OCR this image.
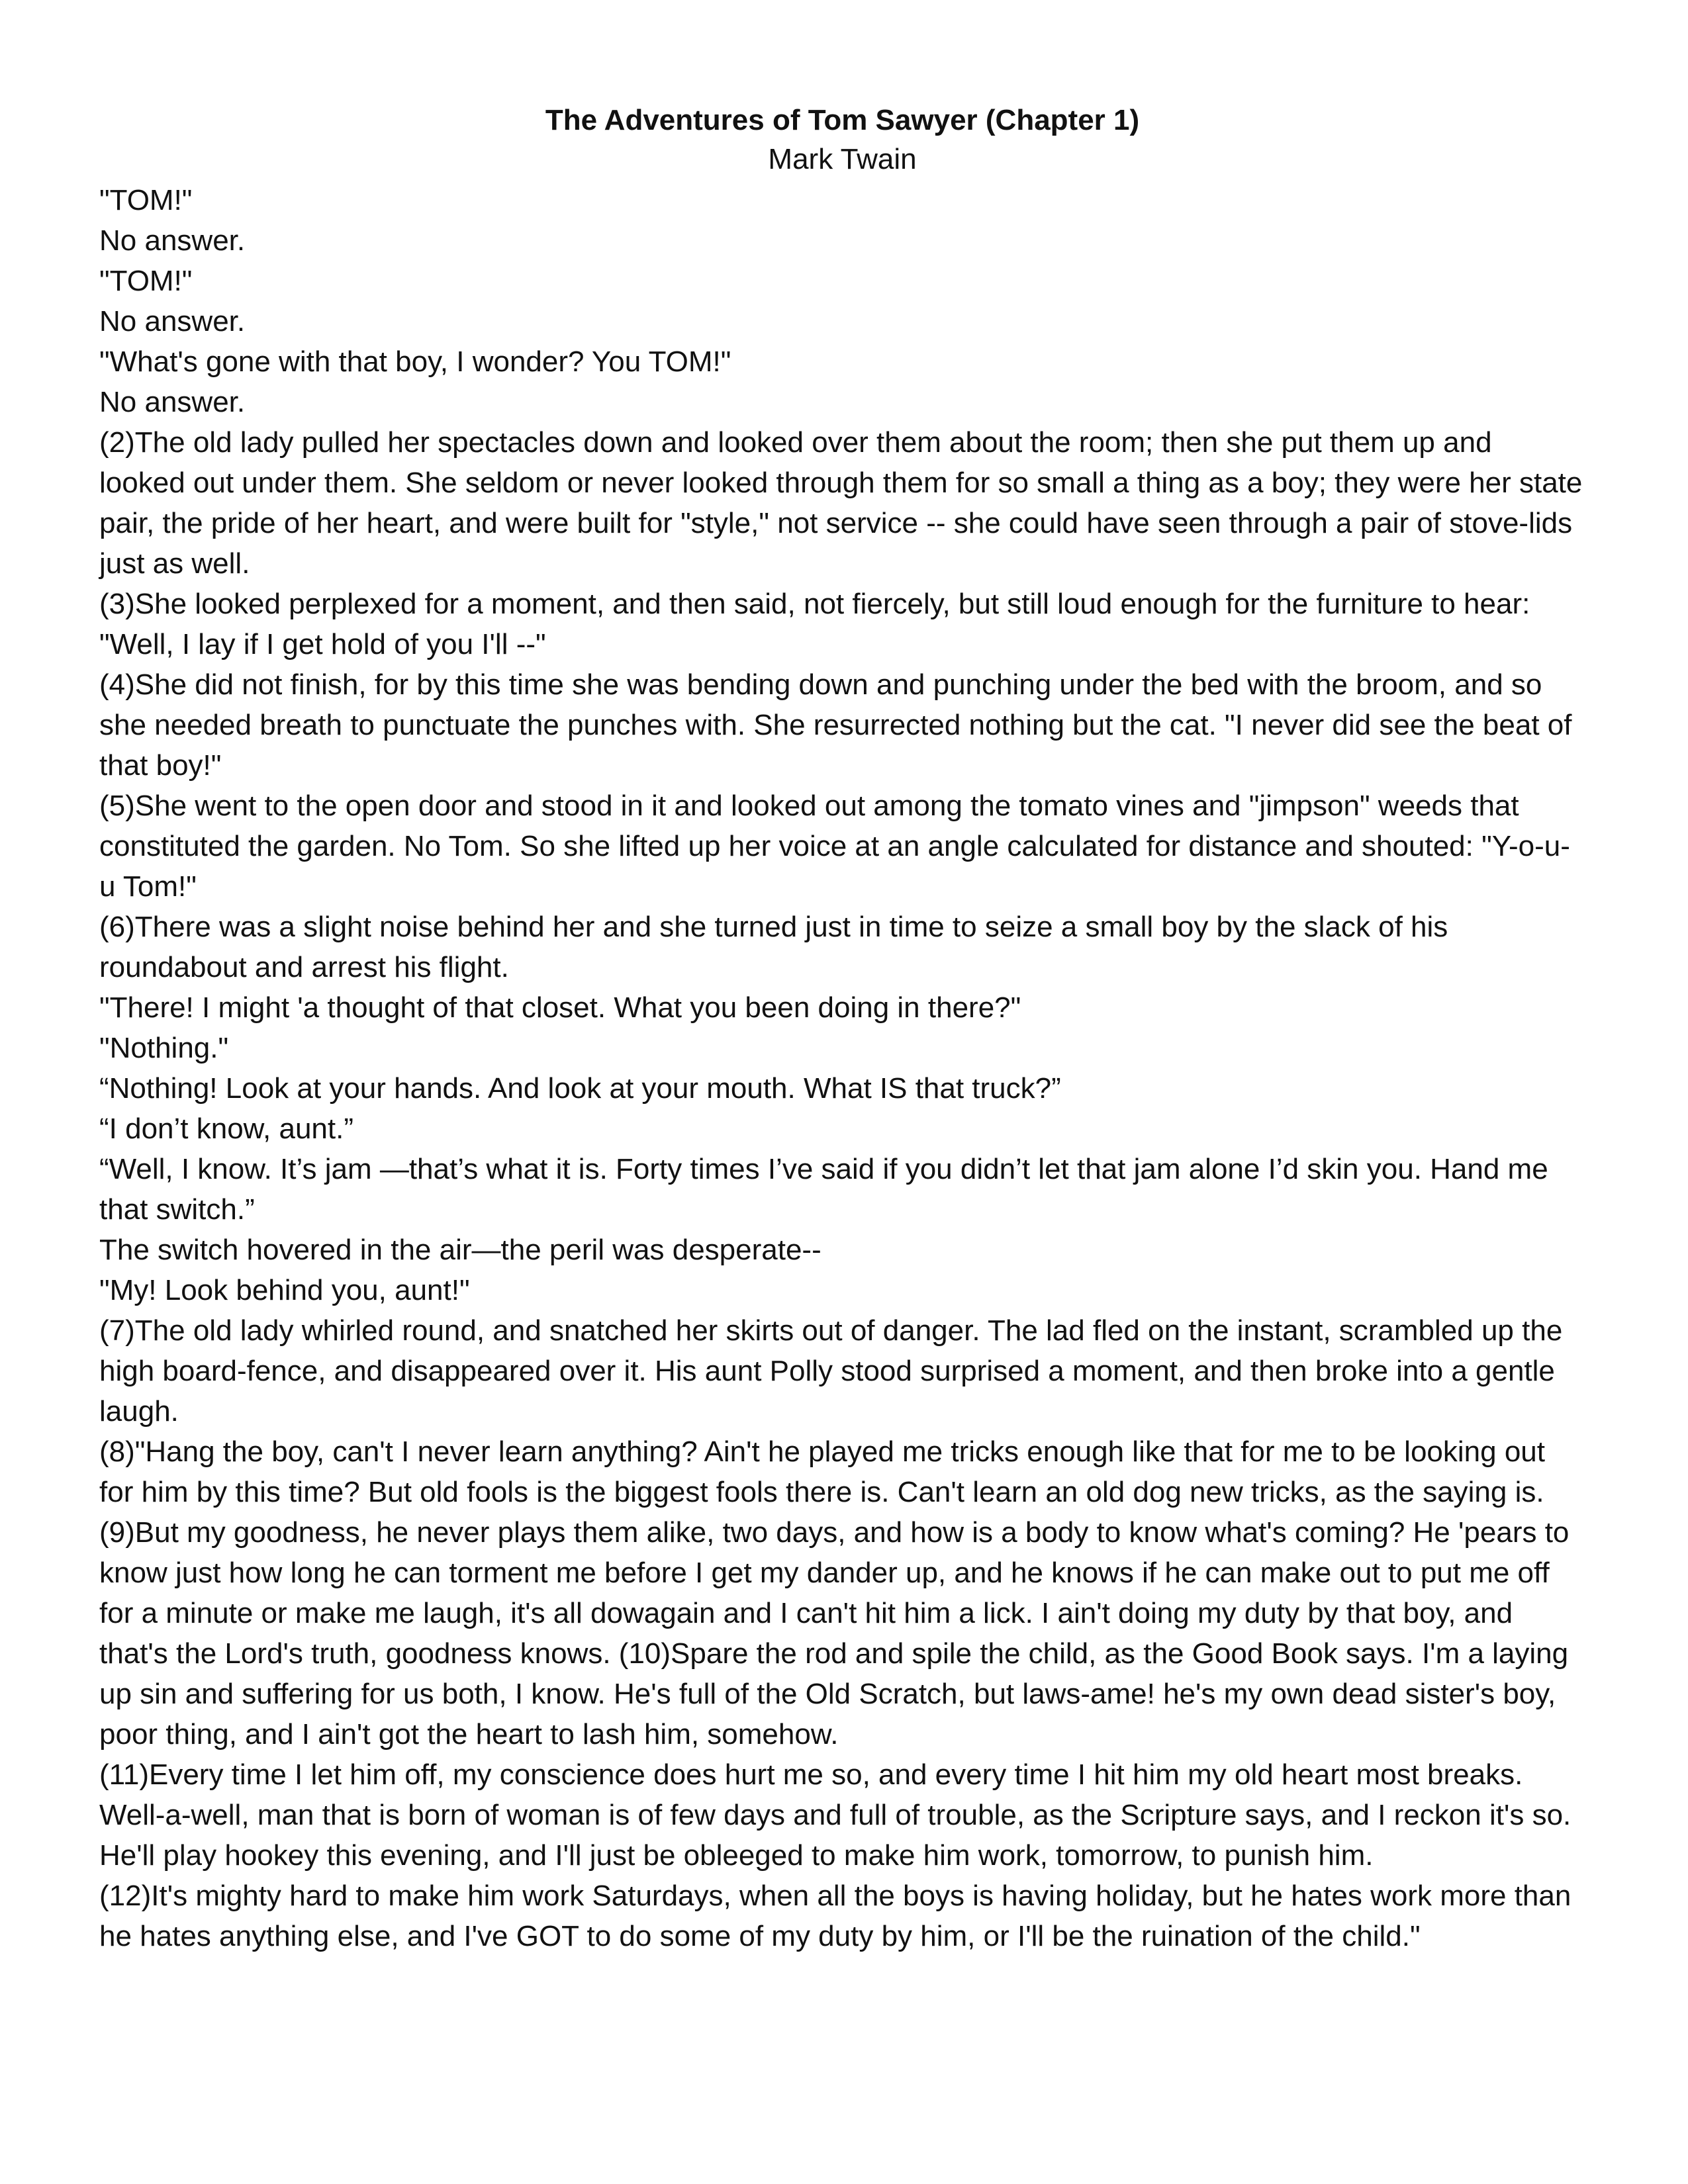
The Adventures of Tom Sawyer (Chapter 1)

Mark Twain

"TOM!"

No answer.

"TOM!"

No answer.

"What's gone with that boy, I wonder? You TOM!"

No answer.

(2)The old lady pulled her spectacles down and looked over them about the room; then she put them up and looked out under them. She seldom or never looked through them for so small a thing as a boy; they were her state pair, the pride of her heart, and were built for "style," not service -- she could have seen through a pair of stove-lids just as well.

(3)She looked perplexed for a moment, and then said, not fiercely, but still loud enough for the furniture to hear: "Well, I lay if I get hold of you I'll --"

(4)She did not finish, for by this time she was bending down and punching under the bed with the broom, and so she needed breath to punctuate the punches with. She resurrected nothing but the cat. "I never did see the beat of that boy!"

(5)She went to the open door and stood in it and looked out among the tomato vines and "jimpson" weeds that constituted the garden. No Tom. So she lifted up her voice at an angle calculated for distance and shouted: "Y-o-u-u Tom!"

(6)There was a slight noise behind her and she turned just in time to seize a small boy by the slack of his roundabout and arrest his flight.

"There! I might 'a thought of that closet. What you been doing in there?"

"Nothing."

“Nothing! Look at your hands. And look at your mouth. What IS that truck?”

“I don’t know, aunt.”

“Well, I know. It’s jam —that’s what it is. Forty times I’ve said if you didn’t let that jam alone I’d skin you. Hand me that switch.”

The switch hovered in the air—the peril was desperate--

"My! Look behind you, aunt!"

(7)The old lady whirled round, and snatched her skirts out of danger. The lad fled on the instant, scrambled up the high board-fence, and disappeared over it. His aunt Polly stood surprised a moment, and then broke into a gentle laugh.

(8)"Hang the boy, can't I never learn anything? Ain't he played me tricks enough like that for me to be looking out for him by this time? But old fools is the biggest fools there is. Can't learn an old dog new tricks, as the saying is. (9)But my goodness, he never plays them alike, two days, and how is a body to know what's coming? He 'pears to know just how long he can torment me before I get my dander up, and he knows if he can make out to put me off for a minute or make me laugh, it's all dowagain and I can't hit him a lick. I ain't doing my duty by that boy, and that's the Lord's truth, goodness knows. (10)Spare the rod and spile the child, as the Good Book says. I'm a laying up sin and suffering for us both, I know. He's full of the Old Scratch, but laws-ame! he's my own dead sister's boy, poor thing, and I ain't got the heart to lash him, somehow.

(11)Every time I let him off, my conscience does hurt me so, and every time I hit him my old heart most breaks. Well-a-well, man that is born of woman is of few days and full of trouble, as the Scripture says, and I reckon it's so. He'll play hookey this evening, and I'll just be obleeged to make him work, tomorrow, to punish him.

(12)It's mighty hard to make him work Saturdays, when all the boys is having holiday, but he hates work more than he hates anything else, and I've GOT to do some of my duty by him, or I'll be the ruination of the child."
